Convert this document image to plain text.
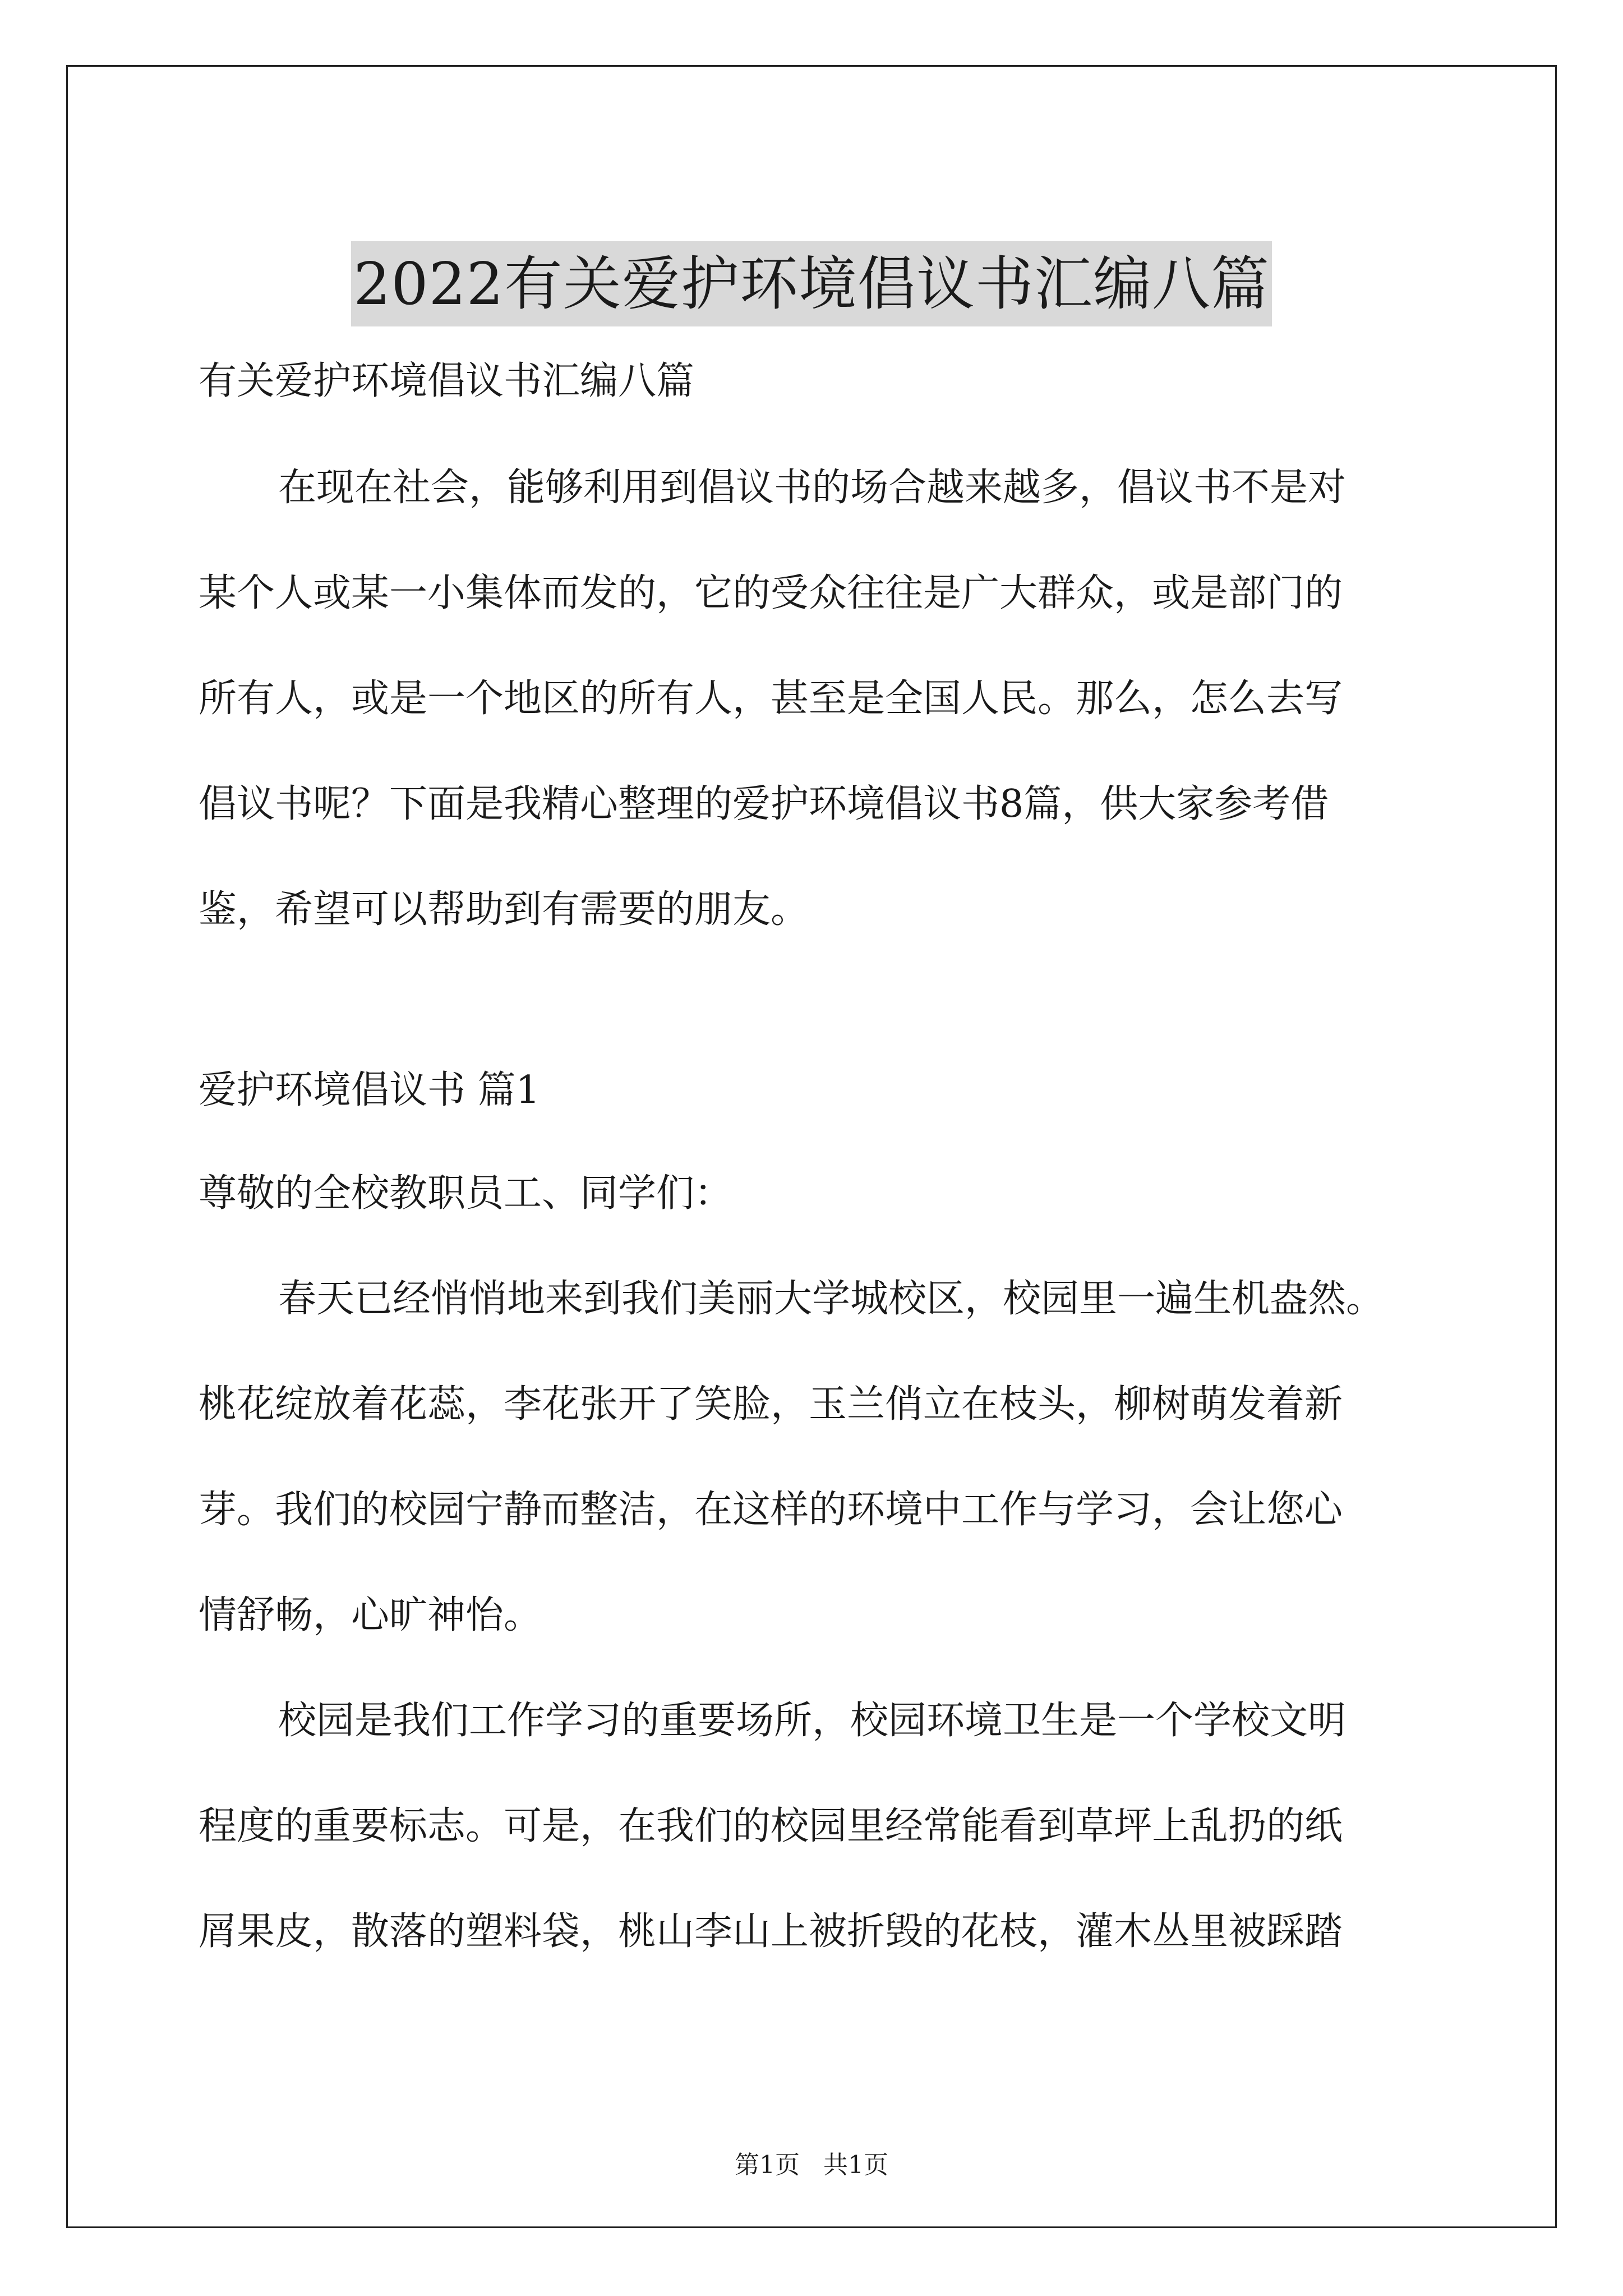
2022有关爱护环境倡议书汇编八篇
有关爱护环境倡议书汇编八篇
在现在社会，能够利用到倡议书的场合越来越多，倡议书不是对
某个人或某一小集体而发的，它的受众往往是广大群众，或是部门的
所有人，或是一个地区的所有人，甚至是全国人民。那么，怎么去写
倡议书呢？下面是我精心整理的爱护环境倡议书8篇，供大家参考借
鉴，希望可以帮助到有需要的朋友。
爱护环境倡议书 篇1
尊敬的全校教职员工、同学们：
春天已经悄悄地来到我们美丽大学城校区，校园里一遍生机盎然。
桃花绽放着花蕊，李花张开了笑脸，玉兰俏立在枝头，柳树萌发着新
芽。我们的校园宁静而整洁，在这样的环境中工作与学习，会让您心
情舒畅，心旷神怡。
校园是我们工作学习的重要场所，校园环境卫生是一个学校文明
程度的重要标志。可是，在我们的校园里经常能看到草坪上乱扔的纸
屑果皮，散落的塑料袋，桃山李山上被折毁的花枝，灌木丛里被踩踏
第1页 共1页
